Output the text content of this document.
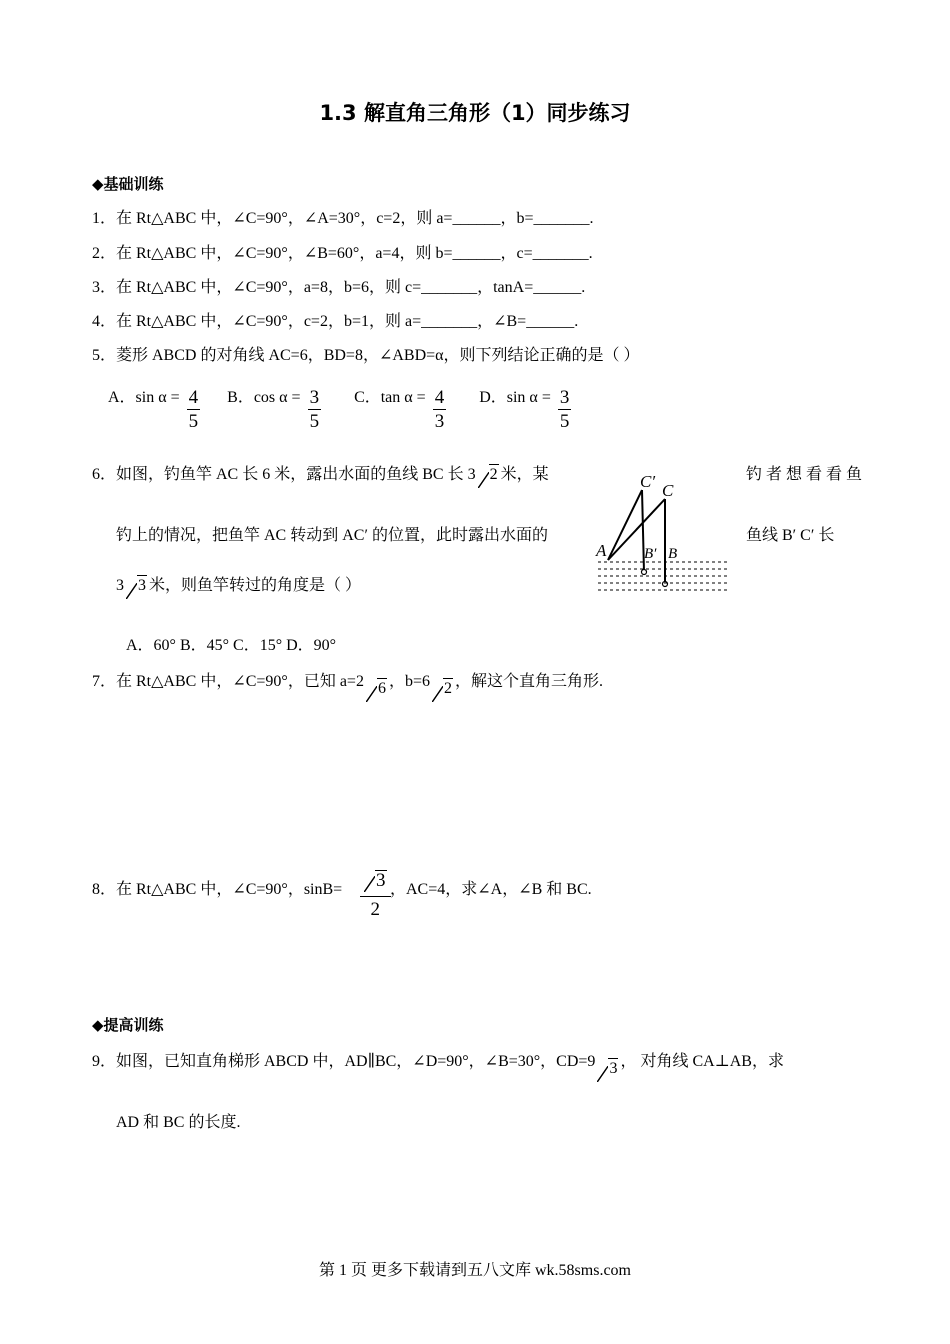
1.3 解直角三角形（1）同步练习
◆基础训练
1．在 Rt△ABC 中，∠C=90°，∠A=30°，c=2，则 a=______，b=_______.
2．在 Rt△ABC 中，∠C=90°，∠B=60°，a=4，则 b=______，c=_______.
3．在 Rt△ABC 中，∠C=90°，a=8，b=6，则 c=_______，tanA=______.
4．在 Rt△ABC 中，∠C=90°，c=2，b=1，则 a=_______，∠B=______.
5．菱形 ABCD 的对角线 AC=6，BD=8，∠ABD=α，则下列结论正确的是（ ）
A．$\sin \alpha = \frac{4}{5}$ B．$\cos \alpha = \frac{3}{5}$ C．$\tan \alpha = \frac{4}{3}$ D．$\sin \alpha = \frac{3}{5}$
6．如图，钓鱼竿 AC 长 6 米，露出水面的鱼线 BC 长 3 2 米，某	钓 者 想 看 看 鱼
钓上的情况，把鱼竿 AC 转动到 AC′ 的位置，此时露出水面的	鱼线 B′ C′ 长
3 3 米，则鱼竿转过的角度是（ ）
A．60° B．45° C．15° D．90°
C′ C
A	B′ B
7．在 Rt△ABC 中，∠C=90°，已知 a=2 6 ，b=6 2 ，解这个直角三角形.
8．在 Rt△ABC 中，∠C=90°，sinB=	3
2
，AC=4，求∠A，∠B 和 BC.
◆提高训练
9．如图，已知直角梯形 ABCD 中，AD∥BC，∠D=90°，∠B=30°，CD=9 3 ， 对角线 CA⊥AB，求
AD 和 BC 的长度.
第 1 页 更多下载请到五八文库 wk.58sms.com
